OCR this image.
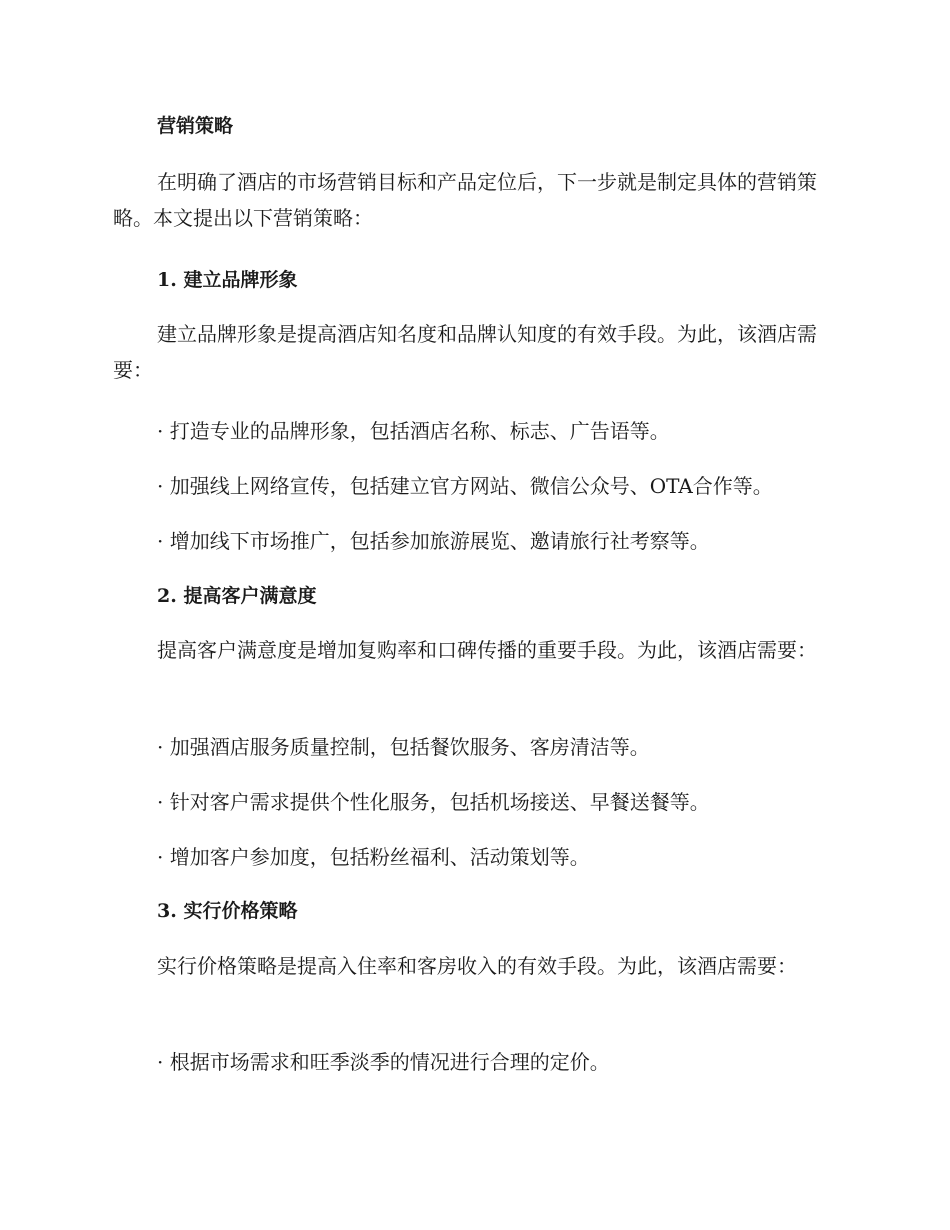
营销策略

在明确了酒店的市场营销目标和产品定位后，下一步就是制定具体的营销策略。本文提出以下营销策略：

1. 建立品牌形象

建立品牌形象是提高酒店知名度和品牌认知度的有效手段。为此，该酒店需要：

· 打造专业的品牌形象，包括酒店名称、标志、广告语等。

· 加强线上网络宣传，包括建立官方网站、微信公众号、OTA合作等。

· 增加线下市场推广，包括参加旅游展览、邀请旅行社考察等。

2. 提高客户满意度

提高客户满意度是增加复购率和口碑传播的重要手段。为此，该酒店需要：

· 加强酒店服务质量控制，包括餐饮服务、客房清洁等。

· 针对客户需求提供个性化服务，包括机场接送、早餐送餐等。

· 增加客户参加度，包括粉丝福利、活动策划等。

3. 实行价格策略

实行价格策略是提高入住率和客房收入的有效手段。为此，该酒店需要：

· 根据市场需求和旺季淡季的情况进行合理的定价。
